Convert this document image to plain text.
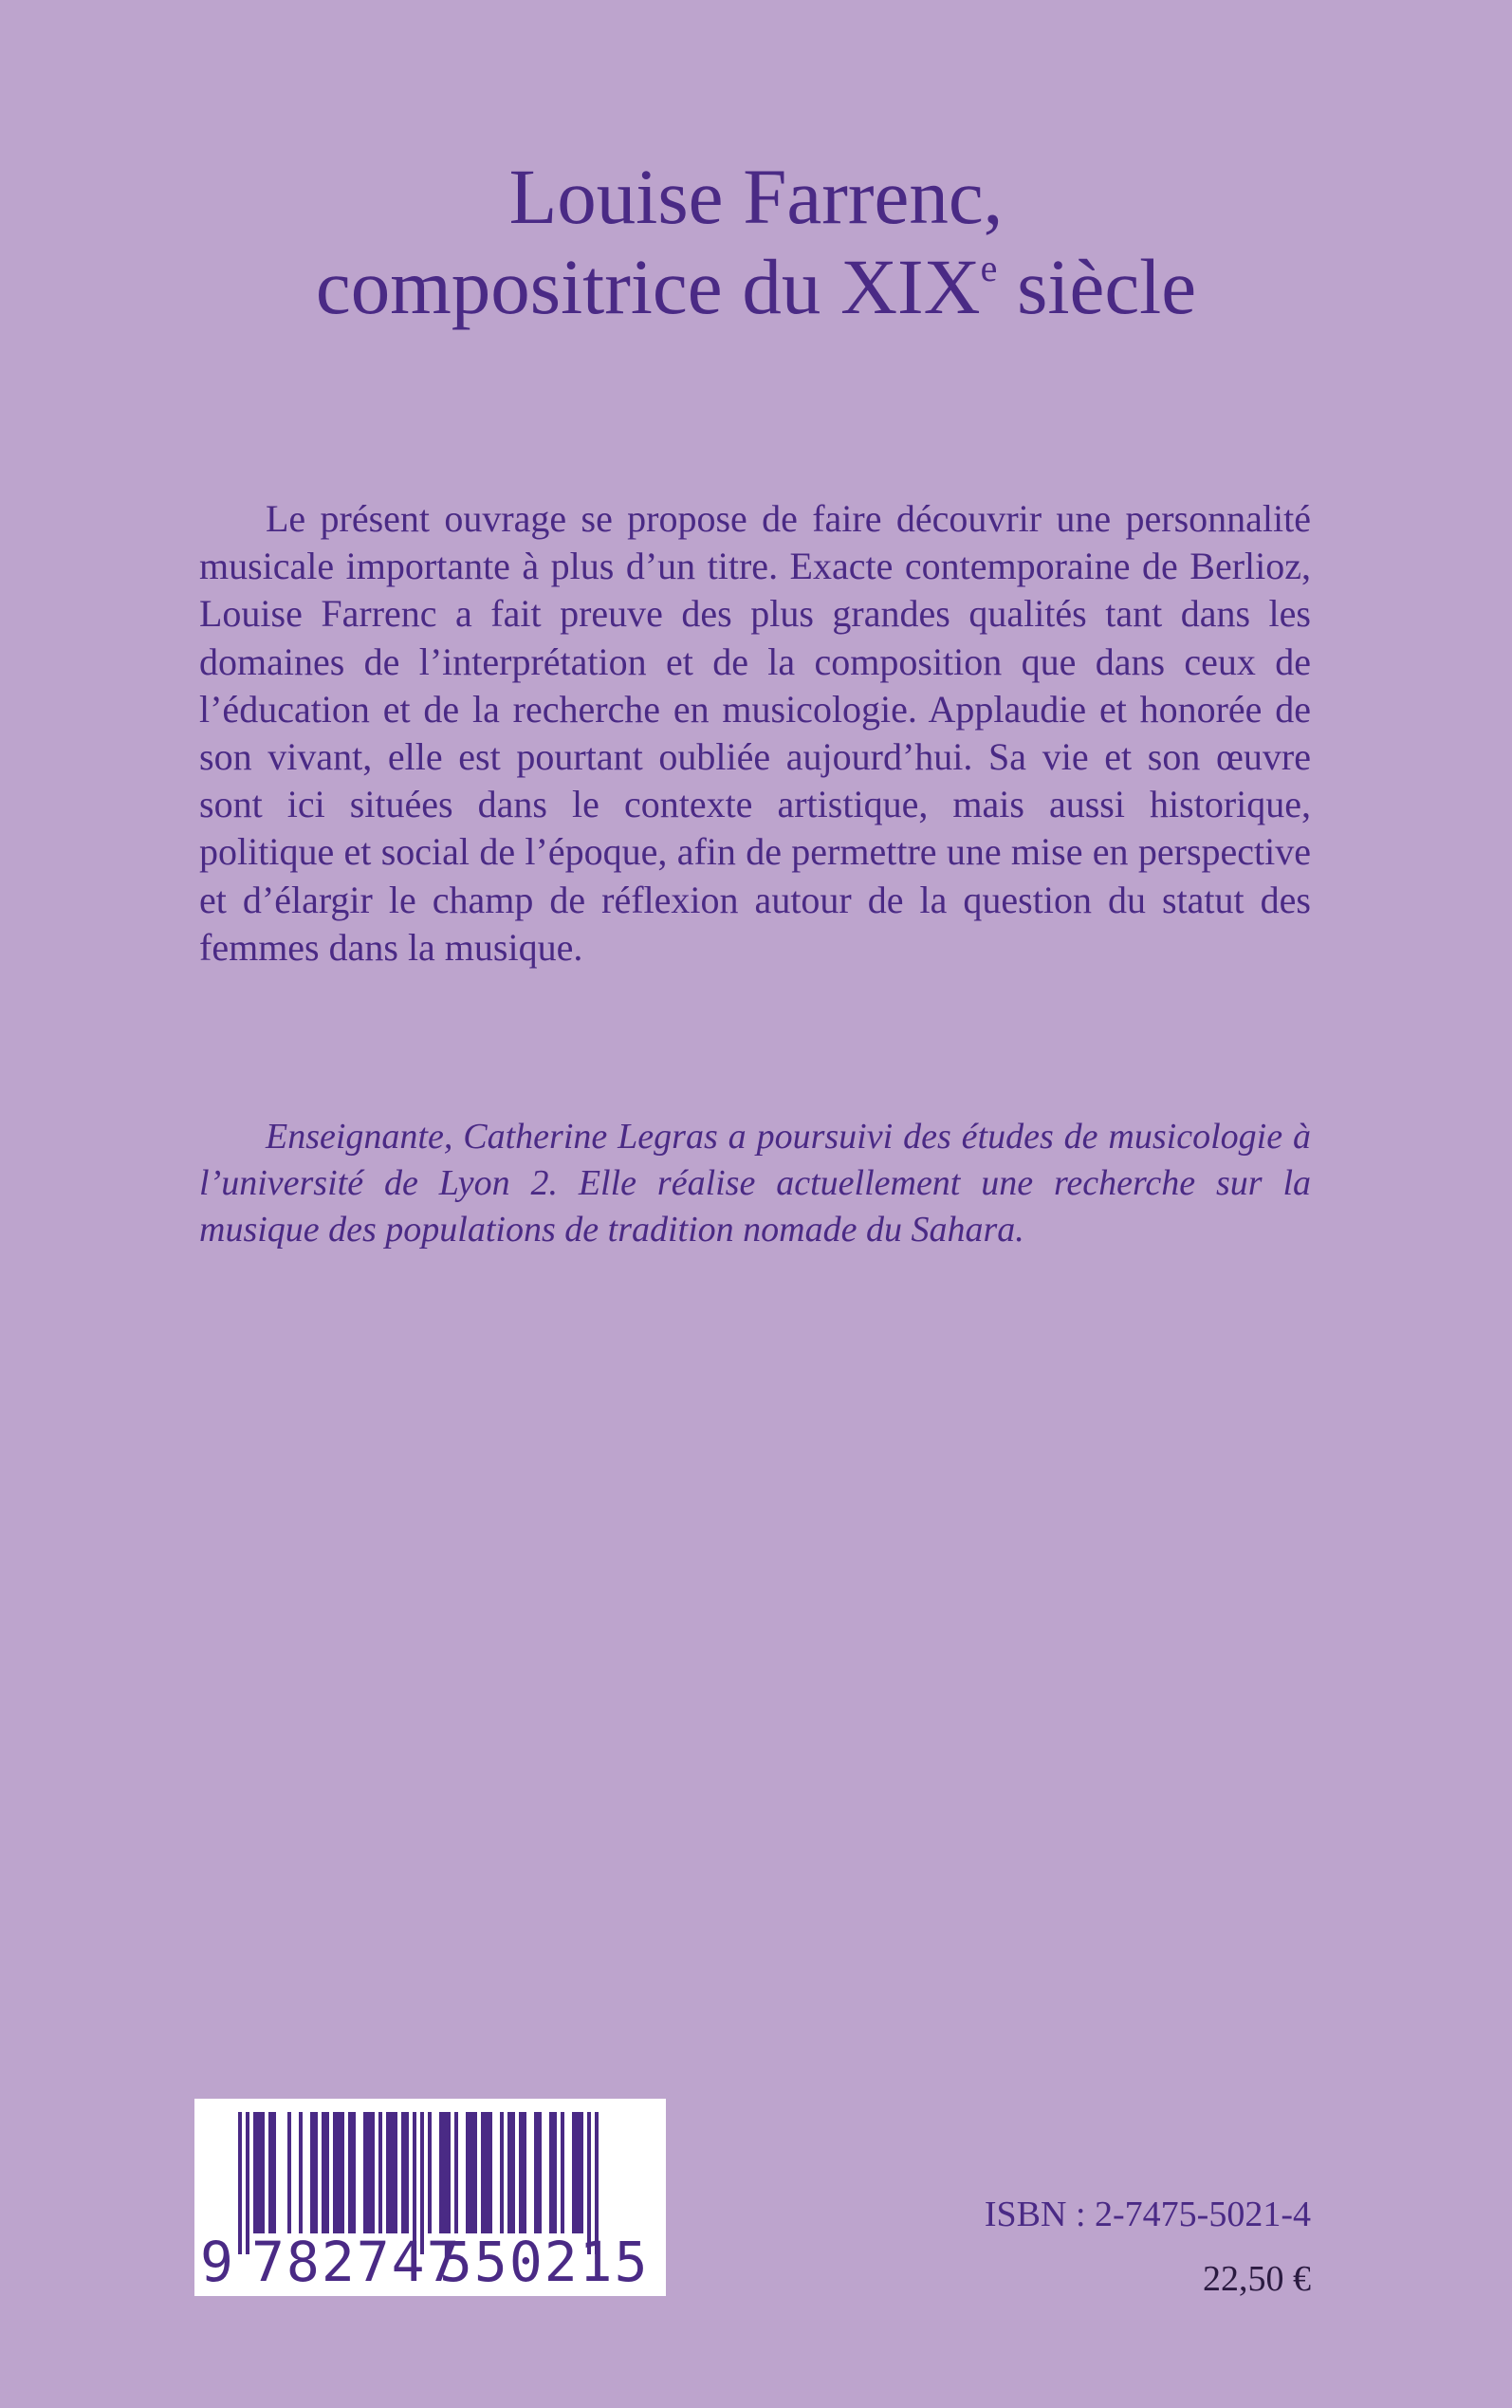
Louise Farrenc,
compositrice du XIXe siècle

Le présent ouvrage se propose de faire découvrir une personnalité musicale importante à plus d’un titre. Exacte contemporaine de Berlioz, Louise Farrenc a fait preuve des plus grandes qualités tant dans les domaines de l’interprétation et de la composition que dans ceux de l’éducation et de la recherche en musicologie. Applaudie et honorée de son vivant, elle est pourtant oubliée aujourd’hui. Sa vie et son œuvre sont ici situées dans le contexte artistique, mais aussi historique, politique et social de l’époque, afin de permettre une mise en perspective et d’élargir le champ de réflexion autour de la question du statut des femmes dans la musique.

Enseignante, Catherine Legras a poursuivi des études de musicologie à l’université de Lyon 2. Elle réalise actuellement une recherche sur la musique des populations de tradition nomade du Sahara.

9 782747
550215
ISBN : 2-7475-5021-4
22,50 €
